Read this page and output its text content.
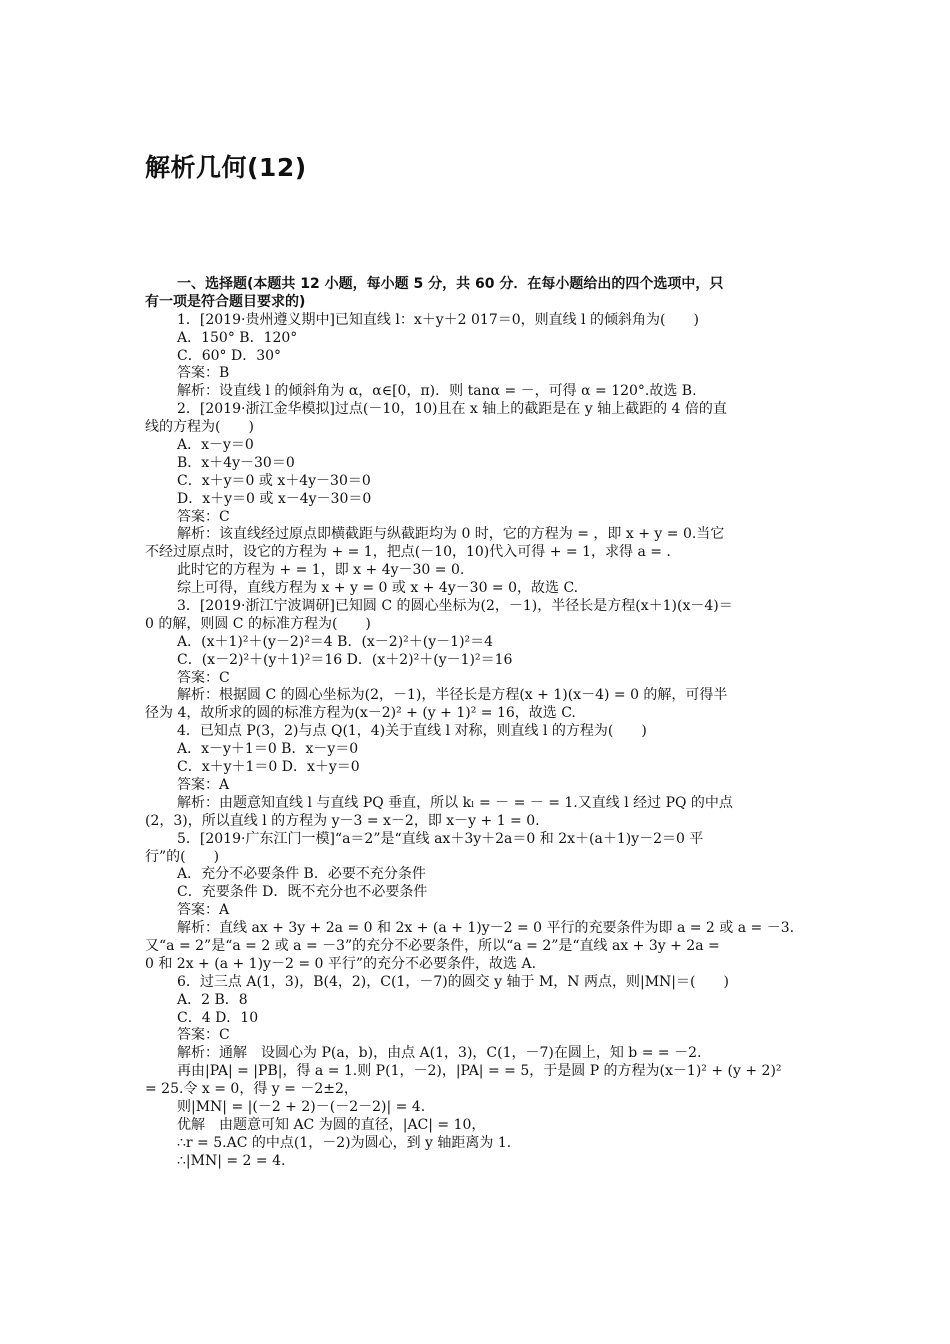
解析几何(12)
一、选择题(本题共 12 小题，每小题 5 分，共 60 分．在每小题给出的四个选项中，只
有一项是符合题目要求的)
1．[2019·贵州遵义期中]已知直线 l：x＋y＋2 017＝0，则直线 l 的倾斜角为(　　)
A．150° B．120°
C．60° D．30°
答案：B
解析：设直线 l 的倾斜角为 α，α∈[0，π)．则 tanα = －，可得 α = 120°.故选 B.
2．[2019·浙江金华模拟]过点(－10，10)且在 x 轴上的截距是在 y 轴上截距的 4 倍的直
线的方程为(　　)
A．x－y＝0
B．x＋4y－30＝0
C．x＋y＝0 或 x＋4y－30＝0
D．x＋y＝0 或 x－4y－30＝0
答案：C
解析：该直线经过原点即横截距与纵截距均为 0 时，它的方程为 = ，即 x + y = 0.当它
不经过原点时，设它的方程为 + = 1，把点(－10，10)代入可得 + = 1，求得 a = .
此时它的方程为 + = 1，即 x + 4y－30 = 0.
综上可得，直线方程为 x + y = 0 或 x + 4y－30 = 0，故选 C.
3．[2019·浙江宁波调研]已知圆 C 的圆心坐标为(2，－1)，半径长是方程(x＋1)(x－4)＝
0 的解，则圆 C 的标准方程为(　　)
A．(x＋1)²＋(y－2)²＝4 B．(x－2)²＋(y－1)²＝4
C．(x－2)²＋(y＋1)²＝16 D．(x＋2)²＋(y－1)²＝16
答案：C
解析：根据圆 C 的圆心坐标为(2，－1)，半径长是方程(x + 1)(x－4) = 0 的解，可得半
径为 4，故所求的圆的标准方程为(x－2)² + (y + 1)² = 16，故选 C.
4．已知点 P(3，2)与点 Q(1，4)关于直线 l 对称，则直线 l 的方程为(　　)
A．x－y＋1＝0 B．x－y＝0
C．x＋y＋1＝0 D．x＋y＝0
答案：A
解析：由题意知直线 l 与直线 PQ 垂直，所以 kₗ = － = － = 1.又直线 l 经过 PQ 的中点
(2，3)，所以直线 l 的方程为 y－3 = x－2，即 x－y + 1 = 0.
5．[2019·广东江门一模]“a＝2”是“直线 ax＋3y＋2a＝0 和 2x＋(a＋1)y－2＝0 平
行”的(　　)
A．充分不必要条件 B．必要不充分条件
C．充要条件 D．既不充分也不必要条件
答案：A
解析：直线 ax + 3y + 2a = 0 和 2x + (a + 1)y－2 = 0 平行的充要条件为即 a = 2 或 a = －3.
又“a = 2”是“a = 2 或 a = －3”的充分不必要条件，所以“a = 2”是“直线 ax + 3y + 2a =
0 和 2x + (a + 1)y－2 = 0 平行”的充分不必要条件，故选 A.
6．过三点 A(1，3)，B(4，2)，C(1，－7)的圆交 y 轴于 M，N 两点，则|MN|＝(　　)
A．2 B．8
C．4 D．10
答案：C
解析：通解　设圆心为 P(a，b)，由点 A(1，3)，C(1，－7)在圆上，知 b = = －2.
再由|PA| = |PB|，得 a = 1.则 P(1，－2)，|PA| = = 5，于是圆 P 的方程为(x－1)² + (y + 2)²
= 25.令 x = 0，得 y = －2±2，
则|MN| = |(－2 + 2)－(－2－2)| = 4.
优解　由题意可知 AC 为圆的直径，|AC| = 10，
∴r = 5.AC 的中点(1，－2)为圆心，到 y 轴距离为 1.
∴|MN| = 2 = 4.
